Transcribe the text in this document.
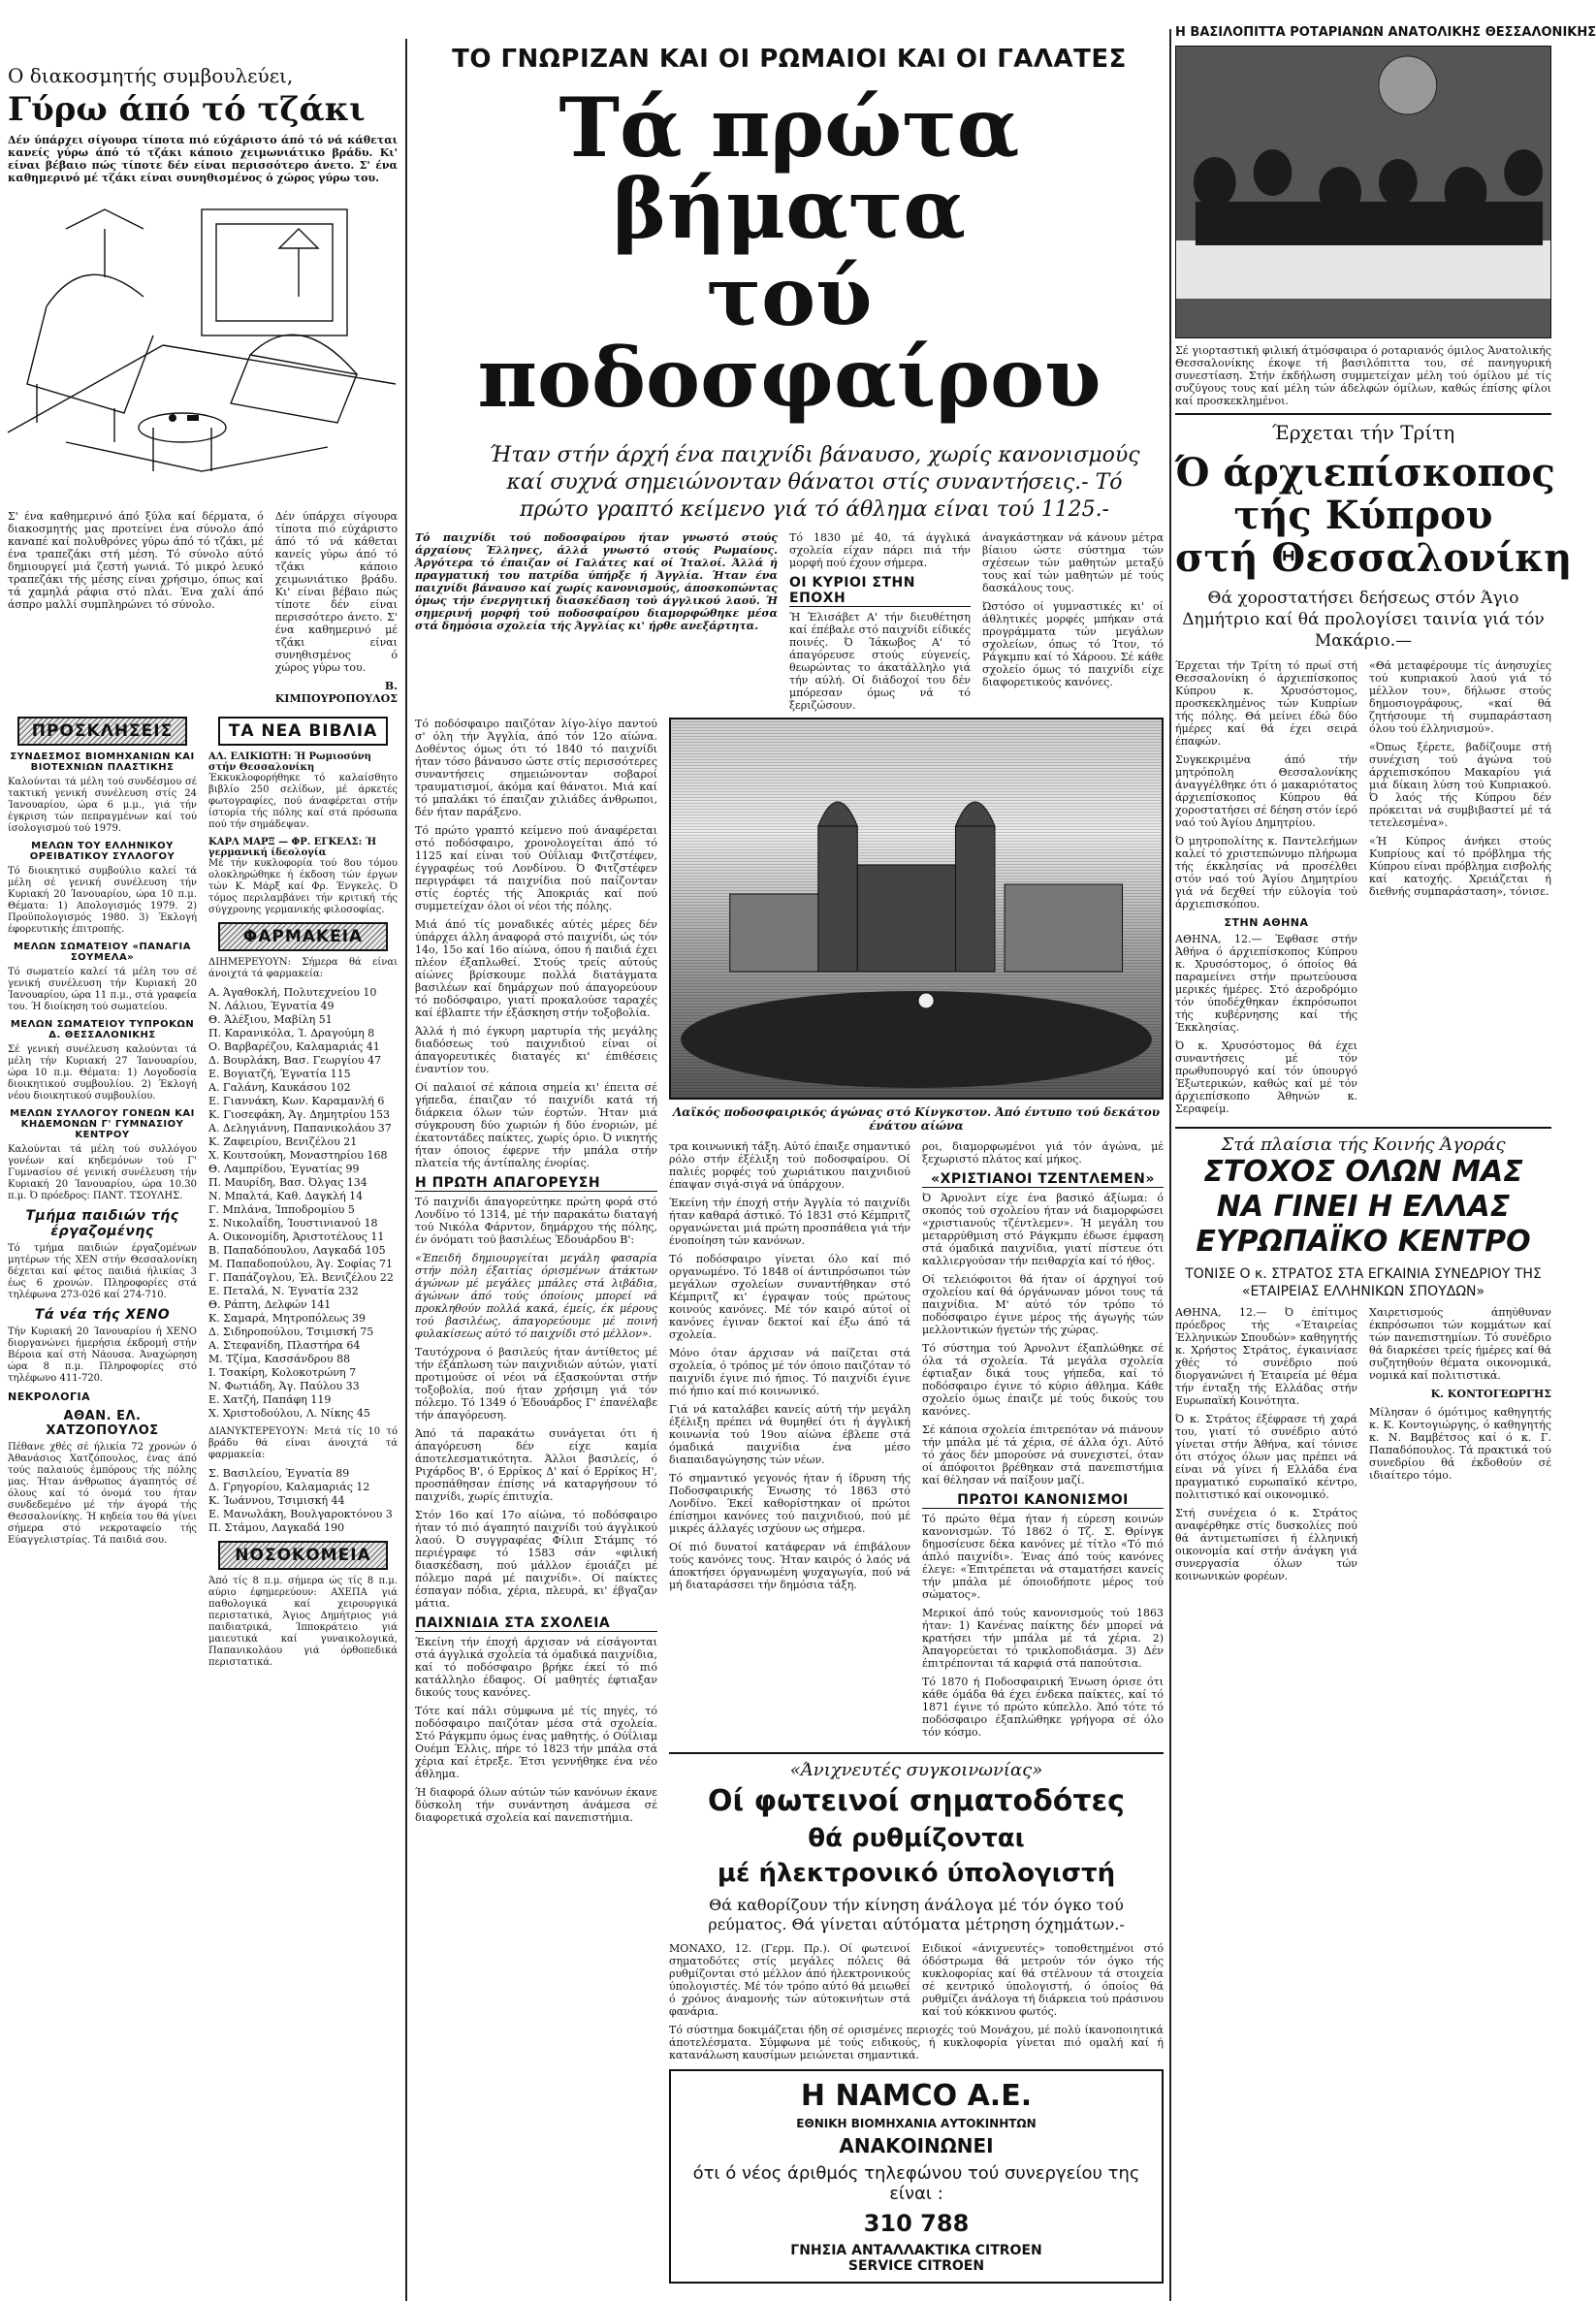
Ο διακοσμητής συμβουλεύει,
Γύρω άπό τό τζάκι

Δέν ύπάρχει σίγουρα τίποτα πιό εύχάριστο άπό τό νά κάθεται κανείς γύρω άπό τό τζάκι κάποιο χειμωνιάτικο βράδυ. Κι' είναι βέβαιο πώς τίποτε δέν είναι περισσότερο άνετο. Σ' ένα καθημερινό μέ τζάκι είναι συνηθισμένος ό χώρος γύρω του.

Σ' ένα καθημερινό άπό ξύλα καί δέρματα, ό διακοσμητής μας προτείνει ένα σύνολο άπό καναπέ καί πολυθρόνες γύρω άπό τό τζάκι, μέ ένα τραπεζάκι στή μέση. Τό σύνολο αύτό δημιουργεί μιά ζεστή γωνιά. Τό μικρό λευκό τραπεζάκι τής μέσης είναι χρήσιμο, όπως καί τά χαμηλά ράφια στό πλάι. Ένα χαλί άπό άσπρο μαλλί συμπληρώνει τό σύνολο.

Δέν ύπάρχει σίγουρα τίποτα πιό εύχάριστο άπό τό νά κάθεται κανείς γύρω άπό τό τζάκι κάποιο χειμωνιάτικο βράδυ. Κι' είναι βέβαιο πώς τίποτε δέν είναι περισσότερο άνετο. Σ' ένα καθημερινό μέ τζάκι είναι συνηθισμένος ό χώρος γύρω του.

Β. ΚΙΜΠΟΥΡΟΠΟΥΛΟΣ

ΠΡΟΣΚΛΗΣΕΙΣ
ΣΥΝΔΕΣΜΟΣ ΒΙΟΜΗΧΑΝΙΩΝ ΚΑΙ ΒΙΟΤΕΧΝΙΩΝ ΠΛΑΣΤΙΚΗΣ

Καλούνται τά μέλη τού συνδέσμου σέ τακτική γενική συνέλευση στίς 24 Ίανουαρίου, ώρα 6 μ.μ., γιά τήν έγκριση τών πεπραγμένων καί τού ίσολογισμού τού 1979.

ΜΕΛΩΝ ΤΟΥ ΕΛΛΗΝΙΚΟΥ ΟΡΕΙΒΑΤΙΚΟΥ ΣΥΛΛΟΓΟΥ

Τό διοικητικό συμβούλιο καλεί τά μέλη σέ γενική συνέλευση τήν Κυριακή 20 Ίανουαρίου, ώρα 10 π.μ. Θέματα: 1) Απολογισμός 1979. 2) Προϋπολογισμός 1980. 3) Έκλογή έφορευτικής έπιτροπής.

ΜΕΛΩΝ ΣΩΜΑΤΕΙΟΥ «ΠΑΝΑΓΙΑ ΣΟΥΜΕΛΑ»

Τό σωματείο καλεί τά μέλη του σέ γενική συνέλευση τήν Κυριακή 20 Ίανουαρίου, ώρα 11 π.μ., στά γραφεία του. Ή διοίκηση τού σωματείου.

ΜΕΛΩΝ ΣΩΜΑΤΕΙΟΥ ΤΥΠΡΟΚΩΝ Δ. ΘΕΣΣΑΛΟΝΙΚΗΣ

Σέ γενική συνέλευση καλούνται τά μέλη τήν Κυριακή 27 Ίανουαρίου, ώρα 10 π.μ. Θέματα: 1) Λογοδοσία διοικητικού συμβουλίου. 2) Έκλογή νέου διοικητικού συμβουλίου.

ΜΕΛΩΝ ΣΥΛΛΟΓΟΥ ΓΟΝΕΩΝ ΚΑΙ ΚΗΔΕΜΟΝΩΝ Γ' ΓΥΜΝΑΣΙΟΥ ΚΕΝΤΡΟΥ

Καλούνται τά μέλη τού συλλόγου γονέων καί κηδεμόνων τού Γ' Γυμνασίου σέ γενική συνέλευση τήν Κυριακή 20 Ίανουαρίου, ώρα 10.30 π.μ. Ό πρόεδρος: ΠΑΝΤ. ΤΣΟΥΛΗΣ.

Τμήμα παιδιών τής έργαζομένης

Τό τμήμα παιδιών έργαζομένων μητέρων τής ΧΕΝ στήν Θεσσαλονίκη δέχεται καί φέτος παιδιά ήλικίας 3 έως 6 χρονών. Πληροφορίες στά τηλέφωνα 273-026 καί 274-710.

Τά νέα τής ΧΕΝΟ

Τήν Κυριακή 20 Ίανουαρίου ή ΧΕΝΟ διοργανώνει ήμερήσια έκδρομή στήν Βέροια καί στή Νάουσα. Άναχώρηση ώρα 8 π.μ. Πληροφορίες στό τηλέφωνο 411-720.

ΝΕΚΡΟΛΟΓΙΑ
ΑΘΑΝ. ΕΛ. ΧΑΤΖΟΠΟΥΛΟΣ

Πέθανε χθές σέ ήλικία 72 χρονών ό Άθανάσιος Χατζόπουλος, ένας άπό τούς παλαιούς έμπόρους τής πόλης μας. Ήταν άνθρωπος άγαπητός σέ όλους καί τό όνομά του ήταν συνδεδεμένο μέ τήν άγορά τής Θεσσαλονίκης. Ή κηδεία του θά γίνει σήμερα στό νεκροταφείο τής Εύαγγελιστρίας. Τά παιδιά σου.

ΤΑ ΝΕΑ ΒΙΒΛΙΑ
ΑΛ. ΕΛΙΚΙΩΤΗ: Ή Ρωμιοσύνη στήν Θεσσαλονίκη

Έκκυκλοφορήθηκε τό καλαίσθητο βιβλίο 250 σελίδων, μέ άρκετές φωτογραφίες, πού άναφέρεται στήν ίστορία τής πόλης καί στά πρόσωπα πού τήν σημάδεψαν.

ΚΑΡΛ ΜΑΡΞ — ΦΡ. ΕΓΚΕΛΣ: Ή γερμανική ίδεολογία

Μέ τήν κυκλοφορία τού 8ου τόμου ολοκληρώθηκε ή έκδοση τών έργων τών Κ. Μάρξ καί Φρ. Ένγκελς. Ό τόμος περιλαμβάνει τήν κριτική τής σύγχρονης γερμανικής φιλοσοφίας.

ΦΑΡΜΑΚΕΙΑ

ΔΙΗΜΕΡΕΥΟΥΝ: Σήμερα θά είναι άνοιχτά τά φαρμακεία:

Α. Άγαθοκλή, Πολυτεχνείου 10
Ν. Λάλιου, Έγνατία 49
Θ. Άλέξιου, Μαβίλη 51
Π. Καρανικόλα, Ί. Δραγούμη 8
Ο. Βαρβαρέζου, Καλαμαριάς 41
Δ. Βουρλάκη, Βασ. Γεωργίου 47
Ε. Βογιατζή, Έγνατία 115
Α. Γαλάνη, Καυκάσου 102
Ε. Γιαννάκη, Κων. Καραμανλή 6
Κ. Γιοσεφάκη, Άγ. Δημητρίου 153
Α. Δεληγιάννη, Παπανικολάου 37
Κ. Ζαφειρίου, Βενιζέλου 21
Χ. Κουτσούκη, Μοναστηρίου 168
Θ. Λαμπρίδου, Έγνατίας 99
Π. Μαυρίδη, Βασ. Όλγας 134
Ν. Μπαλτά, Καθ. Δαγκλή 14
Γ. Μπλάνα, Ίπποδρομίου 5
Σ. Νικολαΐδη, Ίουστινιανού 18
Α. Οικονομίδη, Άριστοτέλους 11
Β. Παπαδόπουλου, Λαγκαδά 105
Μ. Παπαδοπούλου, Άγ. Σοφίας 71
Γ. Παπάζογλου, Έλ. Βενιζέλου 22
Ε. Πεταλά, Ν. Έγνατία 232
Θ. Ράπτη, Δελφών 141
Κ. Σαμαρά, Μητροπόλεως 39
Δ. Σιδηροπούλου, Τσιμισκή 75
Α. Στεφανίδη, Πλαστήρα 64
Μ. Τζίμα, Κασσάνδρου 88
Ι. Τσακίρη, Κολοκοτρώνη 7
Ν. Φωτιάδη, Άγ. Παύλου 33
Ε. Χατζή, Παπάφη 119
Χ. Χριστοδούλου, Λ. Νίκης 45

ΔΙΑΝΥΚΤΕΡΕΥΟΥΝ: Μετά τίς 10 τό βράδυ θά είναι άνοιχτά τά φαρμακεία:

Σ. Βασιλείου, Έγνατία 89
Δ. Γρηγορίου, Καλαμαριάς 12
Κ. Ίωάννου, Τσιμισκή 44
Ε. Μανωλάκη, Βουλγαροκτόνου 3
Π. Στάμου, Λαγκαδά 190
ΝΟΣΟΚΟΜΕΙΑ

Άπό τίς 8 π.μ. σήμερα ώς τίς 8 π.μ. αύριο έφημερεύουν: ΑΧΕΠΑ γιά παθολογικά καί χειρουργικά περιστατικά, Άγιος Δημήτριος γιά παιδιατρικά, Ίπποκράτειο γιά μαιευτικά καί γυναικολογικά, Παπανικολάου γιά όρθοπεδικά περιστατικά.

ΤΟ ΓΝΩΡΙΖΑΝ ΚΑΙ ΟΙ ΡΩΜΑΙΟΙ ΚΑΙ ΟΙ ΓΑΛΑΤΕΣ
Τά πρώτα βήματα
τού ποδοσφαίρου
Ήταν στήν άρχή ένα παιχνίδι βάναυσο, χωρίς κανονισμούς καί συχνά σημειώνονταν θάνατοι στίς συναντήσεις.- Τό πρώτο γραπτό κείμενο γιά τό άθλημα είναι τού 1125.-

Τό παιχνίδι τού ποδοσφαίρου ήταν γνωστό στούς άρχαίους Έλληνες, άλλά γνωστό στούς Ρωμαίους. Άργότερα τό έπαιζαν οί Γαλάτες καί οί Ίταλοί. Άλλά ή πραγματική του πατρίδα ύπήρξε ή Άγγλία. Ήταν ένα παιχνίδι βάναυσο καί χωρίς κανονισμούς, άποσκοπώντας όμως τήν ένεργητική διασκέδαση τού άγγλικού λαού. Ή σημερινή μορφή τού ποδοσφαίρου διαμορφώθηκε μέσα στά δημόσια σχολεία τής Άγγλίας κι' ήρθε ανεξάρτητα.

Τό 1830 μέ 40, τά άγγλικά σχολεία είχαν πάρει πιά τήν μορφή πού έχουν σήμερα.

ΟΙ ΚΥΡΙΟΙ ΣΤΗΝ ΕΠΟΧΗ

Ή Έλισάβετ Α' τήν διευθέτηση καί έπέβαλε στό παιχνίδι είδικές ποινές. Ό Ίάκωβος Α' τό άπαγόρευσε στούς εύγενείς, θεωρώντας το άκατάλληλο γιά τήν αύλή. Οί διάδοχοί του δέν μπόρεσαν όμως νά τό ξεριζώσουν.

άναγκάστηκαν νά κάνουν μέτρα βίαιου ώστε σύστημα τών σχέσεων τών μαθητών μεταξύ τους καί τών μαθητών μέ τούς δασκάλους τους.

Ώστόσο οί γυμναστικές κι' οί άθλητικές μορφές μπήκαν στά προγράμματα τών μεγάλων σχολείων, όπως τό Ίτον, τό Ράγκμπυ καί τό Χάροου. Σέ κάθε σχολείο όμως τό παιχνίδι είχε διαφορετικούς κανόνες.

Τό ποδόσφαιρο παιζόταν λίγο-λίγο παντού σ' όλη τήν Άγγλία, άπό τόν 12ο αίώνα. Δοθέντος όμως ότι τό 1840 τό παιχνίδι ήταν τόσο βάναυσο ώστε στίς περισσότερες συναντήσεις σημειώνονταν σοβαροί τραυματισμοί, άκόμα καί θάνατοι. Μιά καί τό μπαλάκι τό έπαιζαν χιλιάδες άνθρωποι, δέν ήταν παράξενο.

Τό πρώτο γραπτό κείμενο πού άναφέρεται στό ποδόσφαιρο, χρονολογείται άπό τό 1125 καί είναι τού Ούΐλιαμ Φιτζστέφεν, έγγραφέως τού Λονδίνου. Ό Φιτζστέφεν περιγράφει τά παιχνίδια πού παίζονταν στίς έορτές τής Άποκριάς καί πού συμμετείχαν όλοι οί νέοι τής πόλης.

Μιά άπό τίς μοναδικές αύτές μέρες δέν ύπάρχει άλλη άναφορά στό παιχνίδι, ώς τόν 14ο, 15ο καί 16ο αίώνα, όπου ή παιδιά έχει πλέον έξαπλωθεί. Στούς τρείς αύτούς αίώνες βρίσκουμε πολλά διατάγματα βασιλέων καί δημάρχων πού άπαγορεύουν τό ποδόσφαιρο, γιατί προκαλούσε ταραχές καί έβλαπτε τήν έξάσκηση στήν τοξοβολία.

Άλλά ή πιό έγκυρη μαρτυρία τής μεγάλης διαδόσεως τού παιχνιδιού είναι οί άπαγορευτικές διαταγές κι' έπιθέσεις έναντίον του.

Οί παλαιοί σέ κάποια σημεία κι' έπειτα σέ γήπεδα, έπαιζαν τό παιχνίδι κατά τή διάρκεια όλων τών έορτών. Ήταν μιά σύγκρουση δύο χωριών ή δύο ένοριών, μέ έκατοντάδες παίκτες, χωρίς όριο. Ό νικητής ήταν όποιος έφερνε τήν μπάλα στήν πλατεία τής άντίπαλης ένορίας.

Η ΠΡΩΤΗ ΑΠΑΓΟΡΕΥΣΗ

Τό παιχνίδι άπαγορεύτηκε πρώτη φορά στό Λονδίνο τό 1314, μέ τήν παρακάτω διαταγή τού Νικόλα Φάρντον, δημάρχου τής πόλης, έν όνόματι τού βασιλέως Έδουάρδου Β':

«Έπειδή δημιουργείται μεγάλη φασαρία στήν πόλη έξαιτίας όρισμένων άτάκτων άγώνων μέ μεγάλες μπάλες στά λιβάδια, άγώνων άπό τούς όποίους μπορεί νά προκληθούν πολλά κακά, έμείς, έκ μέρους τού βασιλέως, άπαγορεύουμε μέ ποινή φυλακίσεως αύτό τό παιχνίδι στό μέλλον».

Ταυτόχρονα ό βασιλεύς ήταν άντίθετος μέ τήν έξάπλωση τών παιχνιδιών αύτών, γιατί προτιμούσε οί νέοι νά έξασκούνται στήν τοξοβολία, πού ήταν χρήσιμη γιά τόν πόλεμο. Τό 1349 ό Έδουάρδος Γ' έπανέλαβε τήν άπαγόρευση.

Άπό τά παρακάτω συνάγεται ότι ή άπαγόρευση δέν είχε καμία άποτελεσματικότητα. Άλλοι βασιλείς, ό Ριχάρδος Β', ό Ερρίκος Δ' καί ό Ερρίκος Η', προσπάθησαν έπίσης νά καταργήσουν τό παιχνίδι, χωρίς έπιτυχία.

Στόν 16ο καί 17ο αίώνα, τό ποδόσφαιρο ήταν τό πιό άγαπητό παιχνίδι τού άγγλικού λαού. Ό συγγραφέας Φίλιπ Στάμπς τό περιέγραφε τό 1583 σάν «φιλική διασκέδαση, πού μάλλον έμοιάζει μέ πόλεμο παρά μέ παιχνίδι». Οί παίκτες έσπαγαν πόδια, χέρια, πλευρά, κι' έβγαζαν μάτια.

ΠΑΙΧΝΙΔΙΑ ΣΤΑ ΣΧΟΛΕΙΑ

Έκείνη τήν έποχή άρχισαν νά είσάγονται στά άγγλικά σχολεία τά όμαδικά παιχνίδια, καί τό ποδόσφαιρο βρήκε έκεί τό πιό κατάλληλο έδαφος. Οί μαθητές έφτιαξαν δικούς τους κανόνες.

Τότε καί πάλι σύμφωνα μέ τίς πηγές, τό ποδόσφαιρο παιζόταν μέσα στά σχολεία. Στό Ράγκμπυ όμως ένας μαθητής, ό Ούΐλιαμ Ουέμπ Έλλις, πήρε τό 1823 τήν μπάλα στά χέρια καί έτρεξε. Έτσι γεννήθηκε ένα νέο άθλημα.

Ή διαφορά όλων αύτών τών κανόνων έκανε δύσκολη τήν συνάντηση άνάμεσα σέ διαφορετικά σχολεία καί πανεπιστήμια.

Λαϊκός ποδοσφαιρικός άγώνας στό Κίνγκστον. Άπό έντυπο τού δεκάτου ένάτου αίώνα

τρα κοινωνική τάξη. Αύτό έπαιξε σημαντικό ρόλο στήν έξέλιξη τού ποδοσφαίρου. Οί παλιές μορφές τού χωριάτικου παιχνιδιού έπαψαν σιγά-σιγά νά ύπάρχουν.

Έκείνη τήν έποχή στήν Άγγλία τό παιχνίδι ήταν καθαρά άστικό. Τό 1831 στό Κέμπριτζ οργανώνεται μιά πρώτη προσπάθεια γιά τήν ένοποίηση τών κανόνων.

Τό ποδόσφαιρο γίνεται όλο καί πιό οργανωμένο. Τό 1848 οί άντιπρόσωποι τών μεγάλων σχολείων συναντήθηκαν στό Κέμπριτζ κι' έγραψαν τούς πρώτους κοινούς κανόνες. Μέ τόν καιρό αύτοί οί κανόνες έγιναν δεκτοί καί έξω άπό τά σχολεία.

Μόνο όταν άρχισαν νά παίζεται στά σχολεία, ό τρόπος μέ τόν όποιο παιζόταν τό παιχνίδι έγινε πιό ήπιος. Τό παιχνίδι έγινε πιό ήπιο καί πιό κοινωνικό.

Γιά νά καταλάβει κανείς αύτή τήν μεγάλη έξέλιξη πρέπει νά θυμηθεί ότι ή άγγλική κοινωνία τού 19ου αίώνα έβλεπε στά όμαδικά παιχνίδια ένα μέσο διαπαιδαγώγησης τών νέων.

Τό σημαντικό γεγονός ήταν ή ίδρυση τής Ποδοσφαιρικής Ένωσης τό 1863 στό Λονδίνο. Έκεί καθορίστηκαν οί πρώτοι έπίσημοι κανόνες τού παιχνιδιού, πού μέ μικρές άλλαγές ισχύουν ως σήμερα.

Οί πιό δυνατοί κατάφεραν νά έπιβάλουν τούς κανόνες τους. Ήταν καιρός ό λαός νά άποκτήσει όργανωμένη ψυχαγωγία, πού νά μή διαταράσσει τήν δημόσια τάξη.

ροι, διαμορφωμένοι γιά τόν άγώνα, μέ ξεχωριστό πλάτος καί μήκος.

«ΧΡΙΣΤΙΑΝΟΙ ΤΖΕΝΤΛΕΜΕΝ»

Ό Άρνολντ είχε ένα βασικό άξίωμα: ό σκοπός τού σχολείου ήταν νά διαμορφώσει «χριστιανούς τζέντλεμεν». Ή μεγάλη του μεταρρύθμιση στό Ράγκμπυ έδωσε έμφαση στά όμαδικά παιχνίδια, γιατί πίστευε ότι καλλιεργούσαν τήν πειθαρχία καί τό ήθος.

Οί τελειόφοιτοι θά ήταν οί άρχηγοί τού σχολείου καί θά όργάνωναν μόνοι τους τά παιχνίδια. Μ' αύτό τόν τρόπο τό ποδόσφαιρο έγινε μέρος τής άγωγής τών μελλοντικών ήγετών τής χώρας.

Τό σύστημα τού Άρνολντ έξαπλώθηκε σέ όλα τά σχολεία. Τά μεγάλα σχολεία έφτιαξαν δικά τους γήπεδα, καί τό ποδόσφαιρο έγινε τό κύριο άθλημα. Κάθε σχολείο όμως έπαιζε μέ τούς δικούς του κανόνες.

Σέ κάποια σχολεία έπιτρεπόταν νά πιάνουν τήν μπάλα μέ τά χέρια, σέ άλλα όχι. Αύτό τό χάος δέν μπορούσε νά συνεχιστεί, όταν οί άπόφοιτοι βρέθηκαν στά πανεπιστήμια καί θέλησαν νά παίξουν μαζί.

ΠΡΩΤΟΙ ΚΑΝΟΝΙΣΜΟΙ

Τό πρώτο θέμα ήταν ή εύρεση κοινών κανονισμών. Τό 1862 ό Τζ. Σ. Θρίνγκ δημοσίευσε δέκα κανόνες μέ τίτλο «Τό πιό άπλό παιχνίδι». Ένας άπό τούς κανόνες έλεγε: «Έπιτρέπεται νά σταματήσει κανείς τήν μπάλα μέ όποιοδήποτε μέρος τού σώματος».

Μερικοί άπό τούς κανονισμούς τού 1863 ήταν: 1) Κανένας παίκτης δέν μπορεί νά κρατήσει τήν μπάλα μέ τά χέρια. 2) Άπαγορεύεται τό τρικλοποδιάσμα. 3) Δέν έπιτρέπονται τά καρφιά στά παπούτσια.

Τό 1870 ή Ποδοσφαιρική Ένωση όρισε ότι κάθε όμάδα θά έχει ένδεκα παίκτες, καί τό 1871 έγινε τό πρώτο κύπελλο. Άπό τότε τό ποδόσφαιρο έξαπλώθηκε γρήγορα σέ όλο τόν κόσμο.

«Άνιχνευτές συγκοινωνίας»
Οί φωτεινοί σηματοδότες
θά ρυθμίζονται
μέ ήλεκτρονικό ύπολογιστή
Θά καθορίζουν τήν κίνηση άνάλογα μέ τόν όγκο τού ρεύματος. Θά γίνεται αύτόματα μέτρηση όχημάτων.-

ΜΟΝΑΧΟ, 12. (Γερμ. Πρ.). Οί φωτεινοί σηματοδότες στίς μεγάλες πόλεις θά ρυθμίζονται στό μέλλον άπό ήλεκτρονικούς ύπολογιστές. Μέ τόν τρόπο αύτό θά μειωθεί ό χρόνος άναμονής τών αύτοκινήτων στά φανάρια.

Ειδικοί «άνιχνευτές» τοποθετημένοι στό όδόστρωμα θά μετρούν τόν όγκο τής κυκλοφορίας καί θά στέλνουν τά στοιχεία σέ κεντρικό ύπολογιστή, ό όποίος θά ρυθμίζει άνάλογα τή διάρκεια τού πράσινου καί τού κόκκινου φωτός.

Τό σύστημα δοκιμάζεται ήδη σέ ορισμένες περιοχές τού Μονάχου, μέ πολύ ίκανοποιητικά άποτελέσματα. Σύμφωνα μέ τούς ειδικούς, ή κυκλοφορία γίνεται πιό ομαλή καί ή κατανάλωση καυσίμων μειώνεται σημαντικά.

Η NAMCO Α.Ε.
ΕΘΝΙΚΗ ΒΙΟΜΗΧΑΝΙΑ ΑΥΤΟΚΙΝΗΤΩΝ
ΑΝΑΚΟΙΝΩΝΕΙ
ότι ό νέος άριθμός τηλεφώνου τού συνεργείου της είναι :
310 788
ΓΝΗΣΙΑ ΑΝΤΑΛΛΑΚΤΙΚΑ CITROEN
SERVICE CITROEN
Η ΒΑΣΙΛΟΠΙΤΤΑ ΡΟΤΑΡΙΑΝΩΝ ΑΝΑΤΟΛΙΚΗΣ ΘΕΣΣΑΛΟΝΙΚΗΣ

Σέ γιορταστική φιλική άτμόσφαιρα ό ροταριανός όμιλος Άνατολικής Θεσσαλονίκης έκοψε τή βασιλόπιττα του, σέ πανηγυρική συνεστίαση. Στήν έκδήλωση συμμετείχαν μέλη τού όμίλου μέ τίς συζύγους τους καί μέλη τών άδελφών όμίλων, καθώς έπίσης φίλοι καί προσκεκλημένοι.

Έρχεται τήν Τρίτη
Ό άρχιεπίσκοπος
τής Κύπρου
στή Θεσσαλονίκη
Θά χοροστατήσει δεήσεως στόν Άγιο Δημήτριο καί θά προλογίσει ταινία γιά τόν Μακάριο.—

Έρχεται τήν Τρίτη τό πρωί στή Θεσσαλονίκη ό άρχιεπίσκοπος Κύπρου κ. Χρυσόστομος, προσκεκλημένος τών Κυπρίων τής πόλης. Θά μείνει έδώ δύο ήμέρες καί θά έχει σειρά έπαφών.

Συγκεκριμένα άπό τήν μητρόπολη Θεσσαλονίκης άναγγέλθηκε ότι ό μακαριότατος άρχιεπίσκοπος Κύπρου θά χοροστατήσει σέ δέηση στόν ίερό ναό τού Άγίου Δημητρίου.

Ό μητροπολίτης κ. Παντελεήμων καλεί τό χριστεπώνυμο πλήρωμα τής έκκλησίας νά προσέλθει στόν ναό τού Άγίου Δημητρίου γιά νά δεχθεί τήν εύλογία τού άρχιεπισκόπου.

ΣΤΗΝ ΑΘΗΝΑ

ΑΘΗΝΑ, 12.— Έφθασε στήν Άθήνα ό άρχιεπίσκοπος Κύπρου κ. Χρυσόστομος, ό όποίος θά παραμείνει στήν πρωτεύουσα μερικές ήμέρες. Στό άεροδρόμιο τόν ύποδέχθηκαν έκπρόσωποι τής κυβέρνησης καί τής Έκκλησίας.

Ό κ. Χρυσόστομος θά έχει συναντήσεις μέ τόν πρωθυπουργό καί τόν ύπουργό Έξωτερικών, καθώς καί μέ τόν άρχιεπίσκοπο Άθηνών κ. Σεραφείμ.

«Θά μεταφέρουμε τίς άνησυχίες τού κυπριακού λαού γιά τό μέλλον του», δήλωσε στούς δημοσιογράφους, «καί θά ζητήσουμε τή συμπαράσταση όλου τού έλληνισμού».

«Όπως ξέρετε, βαδίζουμε στή συνέχιση τού άγώνα τού άρχιεπισκόπου Μακαρίου γιά μιά δίκαιη λύση τού Κυπριακού. Ό λαός τής Κύπρου δέν πρόκειται νά συμβιβαστεί μέ τά τετελεσμένα».

«Ή Κύπρος άνήκει στούς Κυπρίους καί τό πρόβλημα τής Κύπρου είναι πρόβλημα εισβολής καί κατοχής. Χρειάζεται ή διεθνής συμπαράσταση», τόνισε.

Στά πλαίσια τής Κοινής Άγοράς
ΣΤΟΧΟΣ ΟΛΩΝ ΜΑΣ
ΝΑ ΓΙΝΕΙ Η ΕΛΛΑΣ
ΕΥΡΩΠΑΪΚΟ ΚΕΝΤΡΟ
ΤΟΝΙΣΕ Ο κ. ΣΤΡΑΤΟΣ ΣΤΑ ΕΓΚΑΙΝΙΑ ΣΥΝΕΔΡΙΟΥ ΤΗΣ «ΕΤΑΙΡΕΙΑΣ ΕΛΛΗΝΙΚΩΝ ΣΠΟΥΔΩΝ»

ΑΘΗΝΑ, 12.— Ό έπίτιμος πρόεδρος τής «Έταιρείας Έλληνικών Σπουδών» καθηγητής κ. Χρήστος Στράτος, έγκαινίασε χθές τό συνέδριο πού διοργανώνει ή Έταιρεία μέ θέμα τήν ένταξη τής Ελλάδας στήν Ευρωπαϊκή Κοινότητα.

Ό κ. Στράτος έξέφρασε τή χαρά του, γιατί τό συνέδριο αύτό γίνεται στήν Άθήνα, καί τόνισε ότι στόχος όλων μας πρέπει νά είναι νά γίνει ή Ελλάδα ένα πραγματικό ευρωπαϊκό κέντρο, πολιτιστικό καί οικονομικό.

Στή συνέχεια ό κ. Στράτος αναφέρθηκε στίς δυσκολίες πού θά άντιμετωπίσει ή έλληνική οικονομία καί στήν άνάγκη γιά συνεργασία όλων τών κοινωνικών φορέων.

Χαιρετισμούς άπηύθυναν έκπρόσωποι τών κομμάτων καί τών πανεπιστημίων. Τό συνέδριο θά διαρκέσει τρείς ήμέρες καί θά συζητηθούν θέματα οικονομικά, νομικά καί πολιτιστικά.

Κ. ΚΟΝΤΟΓΕΩΡΓΗΣ

Μίλησαν ό όμότιμος καθηγητής κ. Κ. Κοντογιώργης, ό καθηγητής κ. Ν. Βαμβέτσος καί ό κ. Γ. Παπαδόπουλος. Τά πρακτικά τού συνεδρίου θά έκδοθούν σέ ιδιαίτερο τόμο.
